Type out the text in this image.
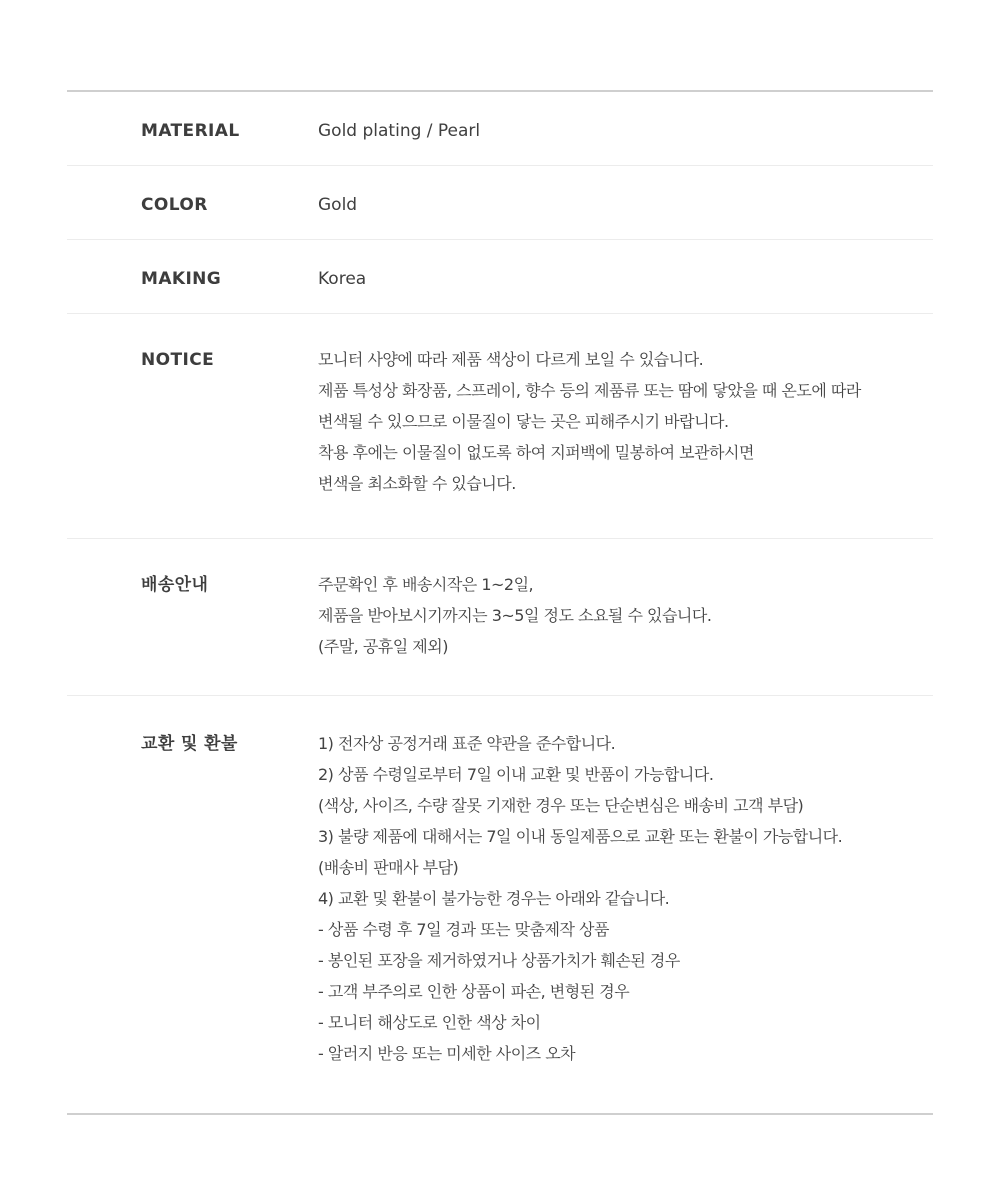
MATERIAL	Gold plating / Pearl
COLOR	Gold
MAKING	Korea
NOTICE	모니터 사양에 따라 제품 색상이 다르게 보일 수 있습니다.
제품 특성상 화장품, 스프레이, 향수 등의 제품류 또는 땀에 닿았을 때 온도에 따라
변색될 수 있으므로 이물질이 닿는 곳은 피해주시기 바랍니다.
착용 후에는 이물질이 없도록 하여 지퍼백에 밀봉하여 보관하시면
변색을 최소화할 수 있습니다.
배송안내	주문확인 후 배송시작은 1~2일,
제품을 받아보시기까지는 3~5일 정도 소요될 수 있습니다.
(주말, 공휴일 제외)
교환 및 환불	1) 전자상 공정거래 표준 약관을 준수합니다.
2) 상품 수령일로부터 7일 이내 교환 및 반품이 가능합니다.
(색상, 사이즈, 수량 잘못 기재한 경우 또는 단순변심은 배송비 고객 부담)
3) 불량 제품에 대해서는 7일 이내 동일제품으로 교환 또는 환불이 가능합니다.
(배송비 판매사 부담)
4) 교환 및 환불이 불가능한 경우는 아래와 같습니다.
- 상품 수령 후 7일 경과 또는 맞춤제작 상품
- 봉인된 포장을 제거하였거나 상품가치가 훼손된 경우
- 고객 부주의로 인한 상품이 파손, 변형된 경우
- 모니터 해상도로 인한 색상 차이
- 알러지 반응 또는 미세한 사이즈 오차
